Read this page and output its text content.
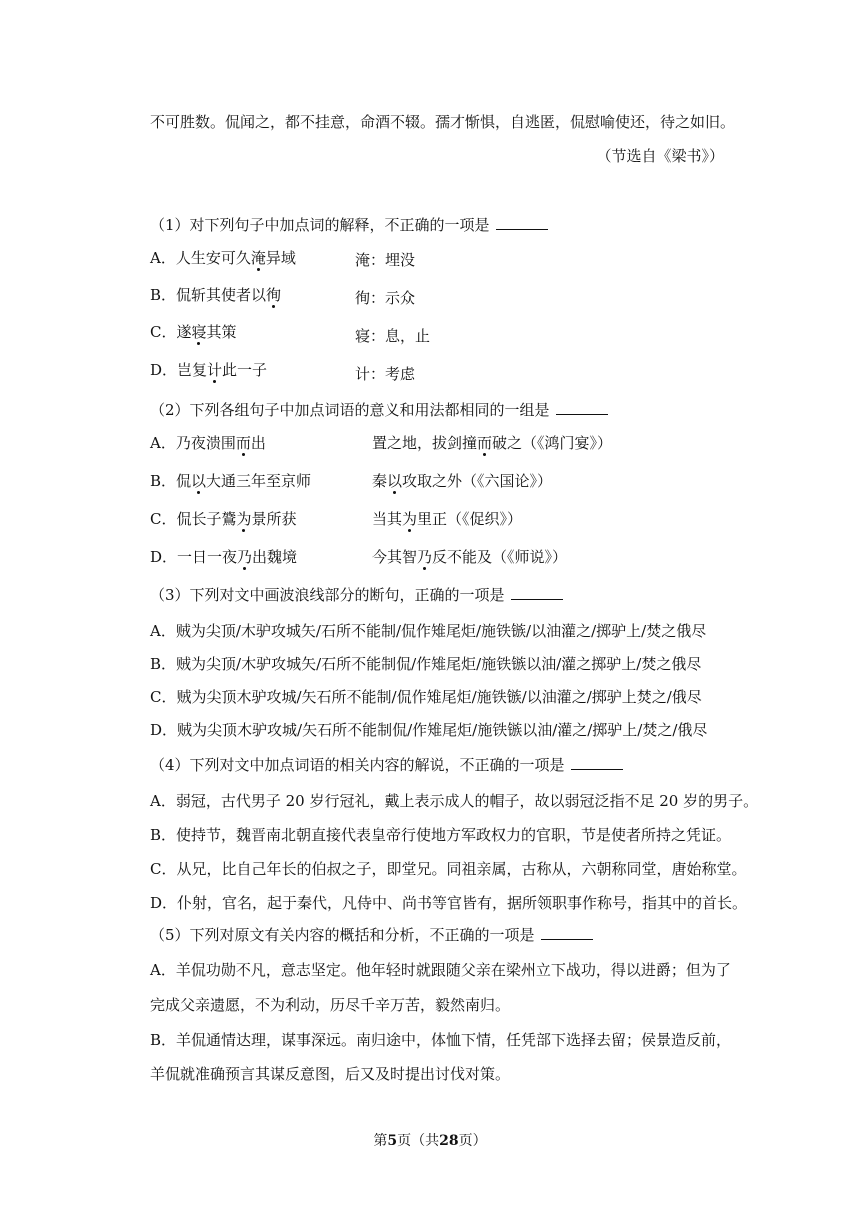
不可胜数。侃闻之，都不挂意，命酒不辍。孺才惭惧，自逃匿，侃慰喻使还，待之如旧。
（节选自《梁书》）
（1）对下列句子中加点词的解释，不正确的一项是
A．人生安可久淹异域	淹：埋没
B．侃斩其使者以徇	徇：示众
C．遂寝其策	寝：息，止
D．岂复计此一子	计：考虑
（2）下列各组句子中加点词语的意义和用法都相同的一组是
A．乃夜溃围而出	置之地，拔剑撞而破之（《鸿门宴》）
B．侃以大通三年至京师	秦以攻取之外（《六国论》）
C．侃长子鷟为景所获	当其为里正（《促织》）
D．一日一夜乃出魏境	今其智乃反不能及（《师说》）
（3）下列对文中画波浪线部分的断句，正确的一项是
A．贼为尖顶/木驴攻城矢/石所不能制/侃作雉尾炬/施铁镞/以油灌之/掷驴上/焚之俄尽
B．贼为尖顶/木驴攻城矢/石所不能制侃/作雉尾炬/施铁镞以油/灌之掷驴上/焚之俄尽
C．贼为尖顶木驴攻城/矢石所不能制/侃作雉尾炬/施铁镞/以油灌之/掷驴上焚之/俄尽
D．贼为尖顶木驴攻城/矢石所不能制侃/作雉尾炬/施铁镞以油/灌之/掷驴上/焚之/俄尽
（4）下列对文中加点词语的相关内容的解说，不正确的一项是
A．弱冠，古代男子 20 岁行冠礼，戴上表示成人的帽子，故以弱冠泛指不足 20 岁的男子。
B．使持节，魏晋南北朝直接代表皇帝行使地方军政权力的官职，节是使者所持之凭证。
C．从兄，比自己年长的伯叔之子，即堂兄。同祖亲属，古称从，六朝称同堂，唐始称堂。
D．仆射，官名，起于秦代，凡侍中、尚书等官皆有，据所领职事作称号，指其中的首长。
（5）下列对原文有关内容的概括和分析，不正确的一项是
A．羊侃功勋不凡，意志坚定。他年轻时就跟随父亲在梁州立下战功，得以进爵；但为了
完成父亲遗愿，不为利动，历尽千辛万苦，毅然南归。
B．羊侃通情达理，谋事深远。南归途中，体恤下情，任凭部下选择去留；侯景造反前，
羊侃就准确预言其谋反意图，后又及时提出讨伐对策。
第5页（共28页）
